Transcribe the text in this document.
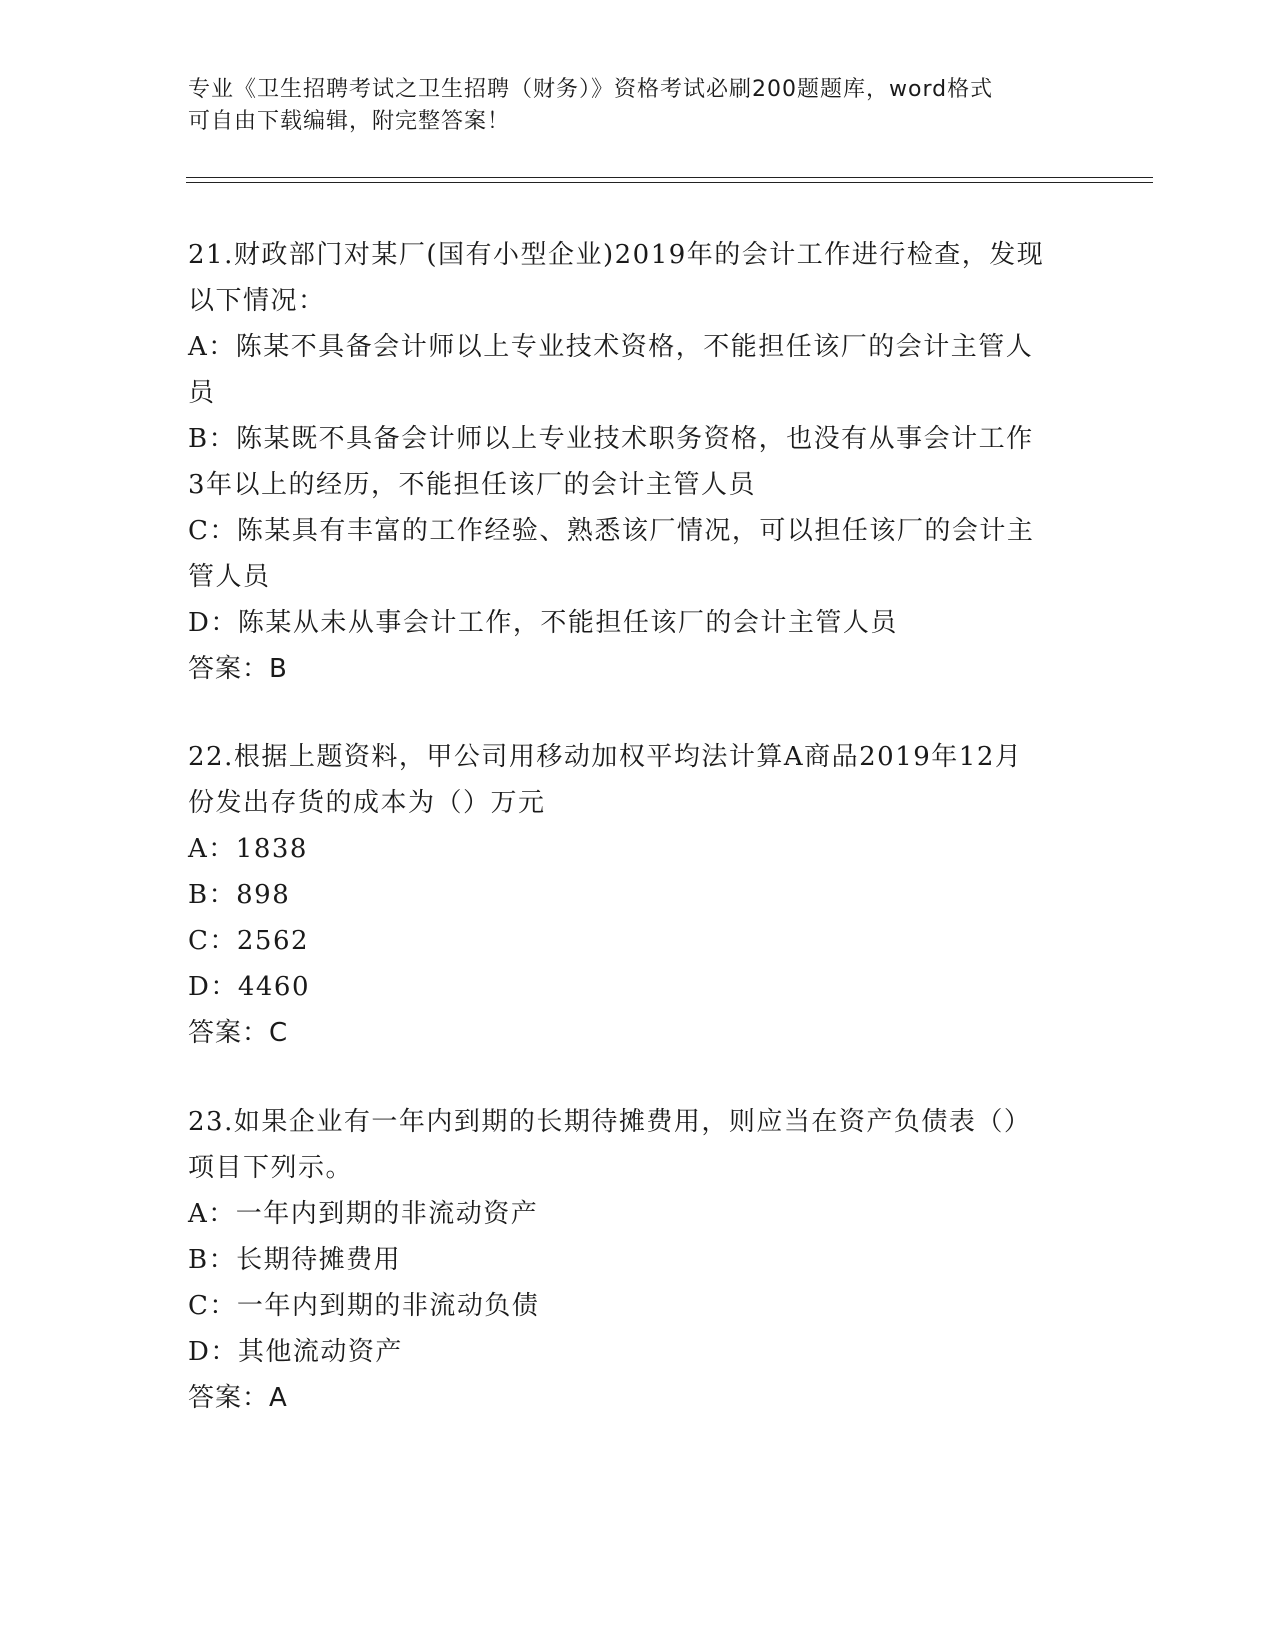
专业《卫生招聘考试之卫生招聘（财务）》资格考试必刷200题题库，word格式
可自由下载编辑，附完整答案！
21.财政部门对某厂(国有小型企业)2019年的会计工作进行检查，发现
以下情况：
A：陈某不具备会计师以上专业技术资格，不能担任该厂的会计主管人
员
B：陈某既不具备会计师以上专业技术职务资格，也没有从事会计工作
3年以上的经历，不能担任该厂的会计主管人员
C：陈某具有丰富的工作经验、熟悉该厂情况，可以担任该厂的会计主
管人员
D：陈某从未从事会计工作，不能担任该厂的会计主管人员
答案：B
22.根据上题资料，甲公司用移动加权平均法计算A商品2019年12月
份发出存货的成本为（）万元
A：1838
B：898
C：2562
D：4460
答案：C
23.如果企业有一年内到期的长期待摊费用，则应当在资产负债表（）
项目下列示。
A：一年内到期的非流动资产
B：长期待摊费用
C：一年内到期的非流动负债
D：其他流动资产
答案：A
